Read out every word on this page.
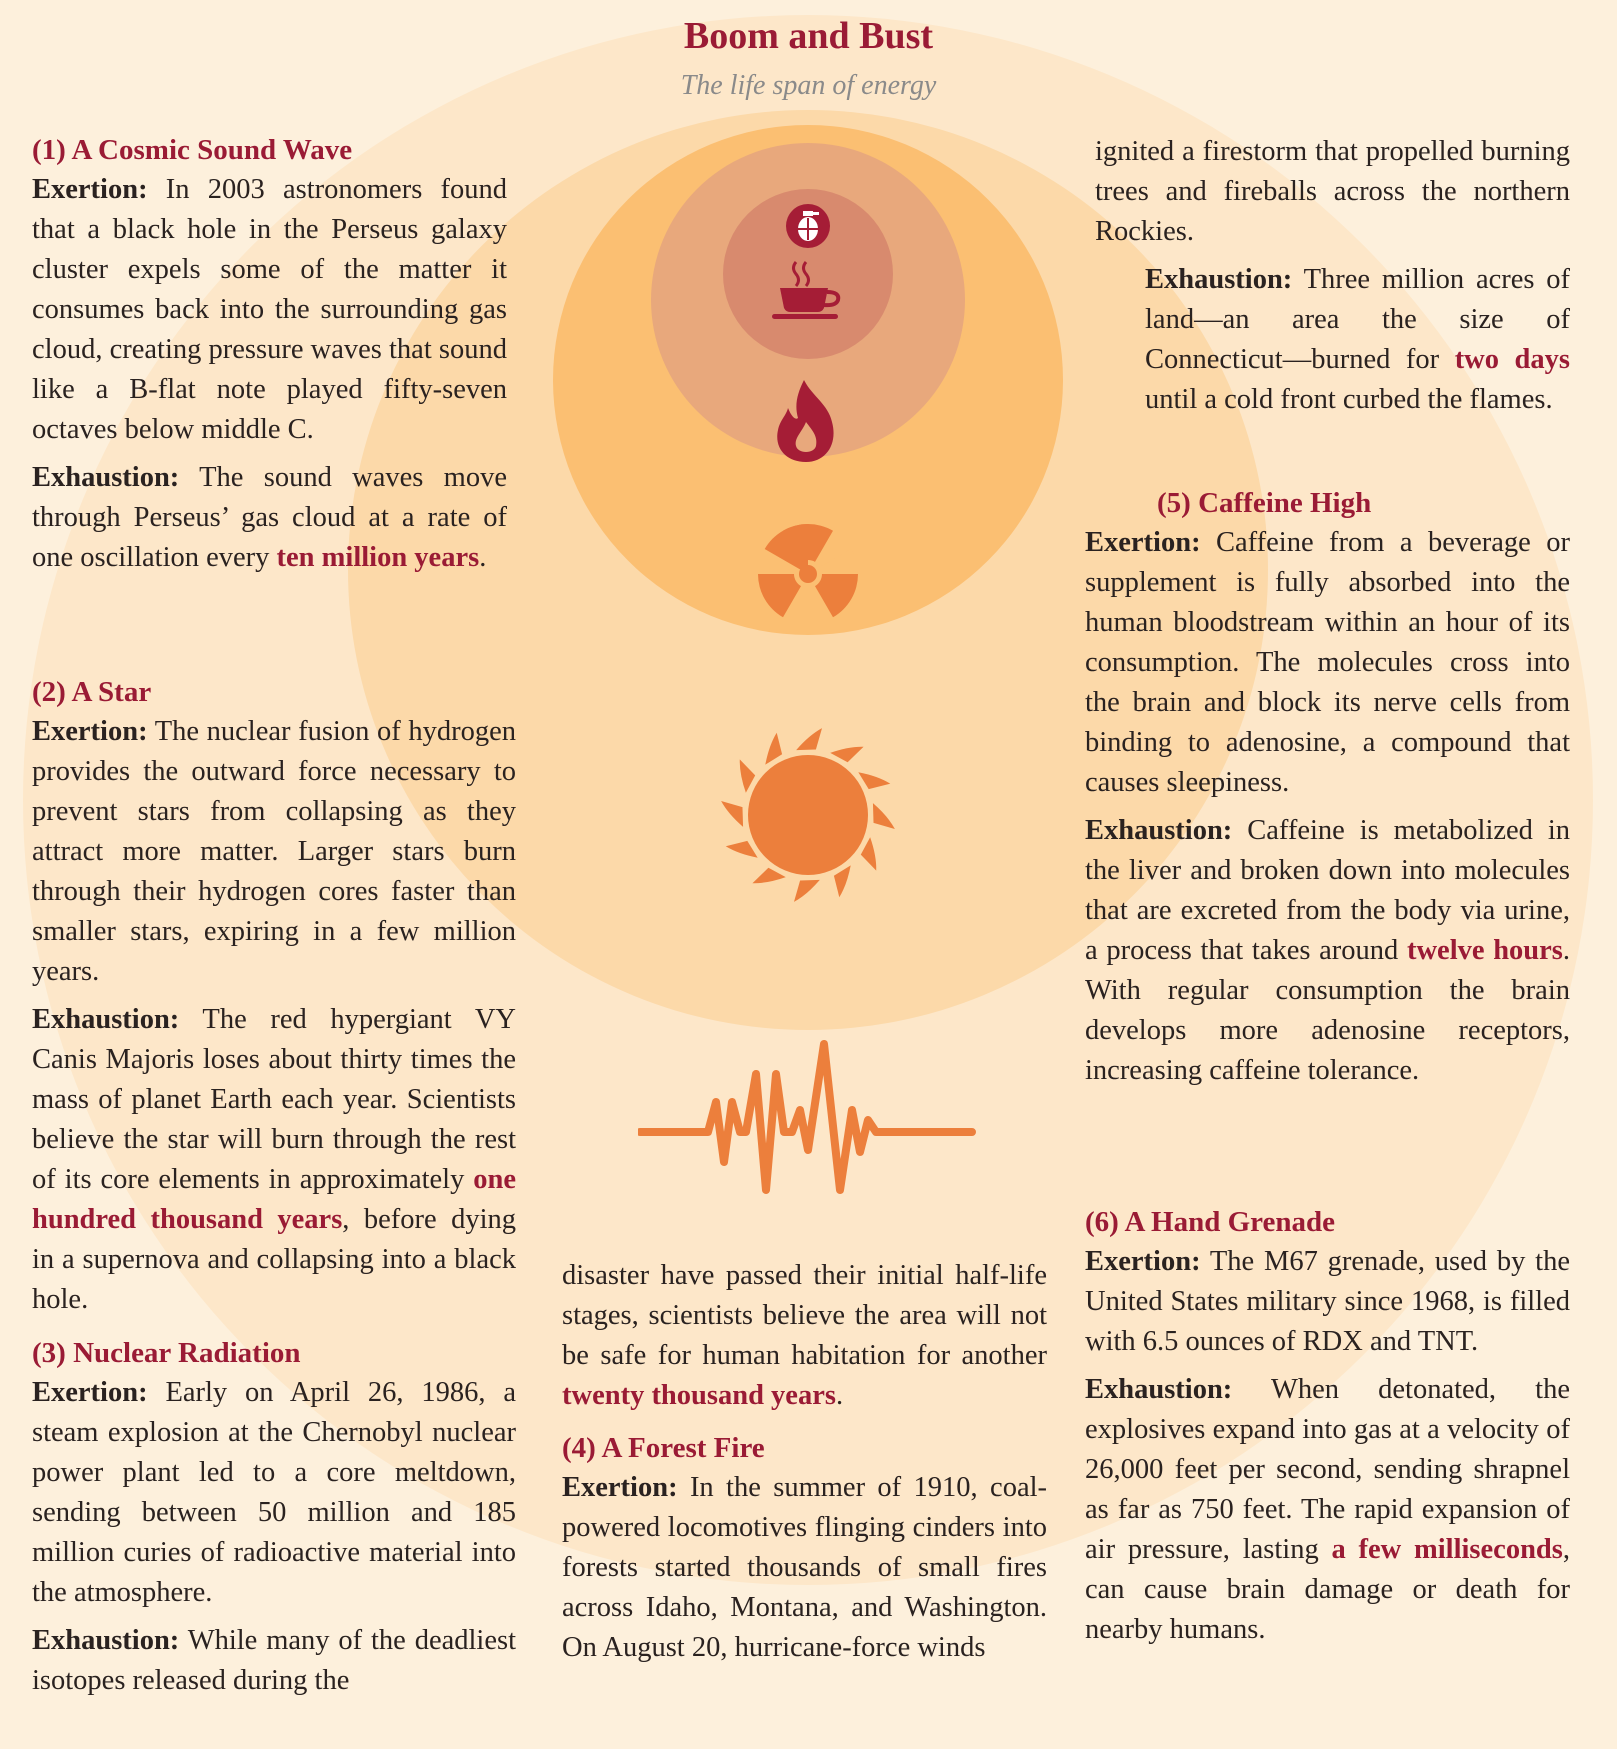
Boom and Bust
The life span of energy
(1) A Cosmic Sound Wave

Exertion: In 2003 astronomers found that a black hole in the Perseus galaxy cluster expels some of the matter it consumes back into the surrounding gas cloud, creating pressure waves that sound like a B-flat note played fifty-seven octaves below middle C.

Exhaustion: The sound waves move through Perseus’ gas cloud at a rate of one oscillation every ten million years.

(2) A Star

Exertion: The nuclear fusion of hydrogen provides the outward force necessary to prevent stars from collapsing as they attract more matter. Larger stars burn through their hydrogen cores faster than smaller stars, expiring in a few million years.

Exhaustion: The red hypergiant VY Canis Majoris loses about thirty times the mass of planet Earth each year. Scientists believe the star will burn through the rest of its core elements in approximately one hundred thousand years, before dying in a supernova and collapsing into a black hole.

(3) Nuclear Radiation

Exertion: Early on April 26, 1986, a steam explosion at the Chernobyl nuclear power plant led to a core meltdown, sending between 50 million and 185 million curies of radioactive material into the atmosphere.

Exhaustion: While many of the deadliest isotopes released during the

disaster have passed their initial half-life stages, scientists believe the area will not be safe for human habitation for another twenty thousand years.

(4) A Forest Fire

Exertion: In the summer of 1910, coal-powered locomotives flinging cinders into forests started thousands of small fires across Idaho, Montana, and Washington. On August 20, hurricane-force winds

ignited a firestorm that propelled burning trees and fireballs across the northern Rockies.

Exhaustion: Three million acres of land—an area the size of Connecticut—burned for two days until a cold front curbed the flames.

(5) Caffeine High

Exertion: Caffeine from a beverage or supplement is fully absorbed into the human bloodstream within an hour of its consumption. The molecules cross into the brain and block its nerve cells from binding to adenosine, a compound that causes sleepiness.

Exhaustion: Caffeine is metabolized in the liver and broken down into molecules that are excreted from the body via urine, a process that takes around twelve hours. With regular consumption the brain develops more adenosine receptors, increasing caffeine tolerance.

(6) A Hand Grenade

Exertion: The M67 grenade, used by the United States military since 1968, is filled with 6.5 ounces of RDX and TNT.

Exhaustion: When detonated, the explosives expand into gas at a velocity of 26,000 feet per second, sending shrapnel as far as 750 feet. The rapid expansion of air pressure, lasting a few milliseconds, can cause brain damage or death for nearby humans.
